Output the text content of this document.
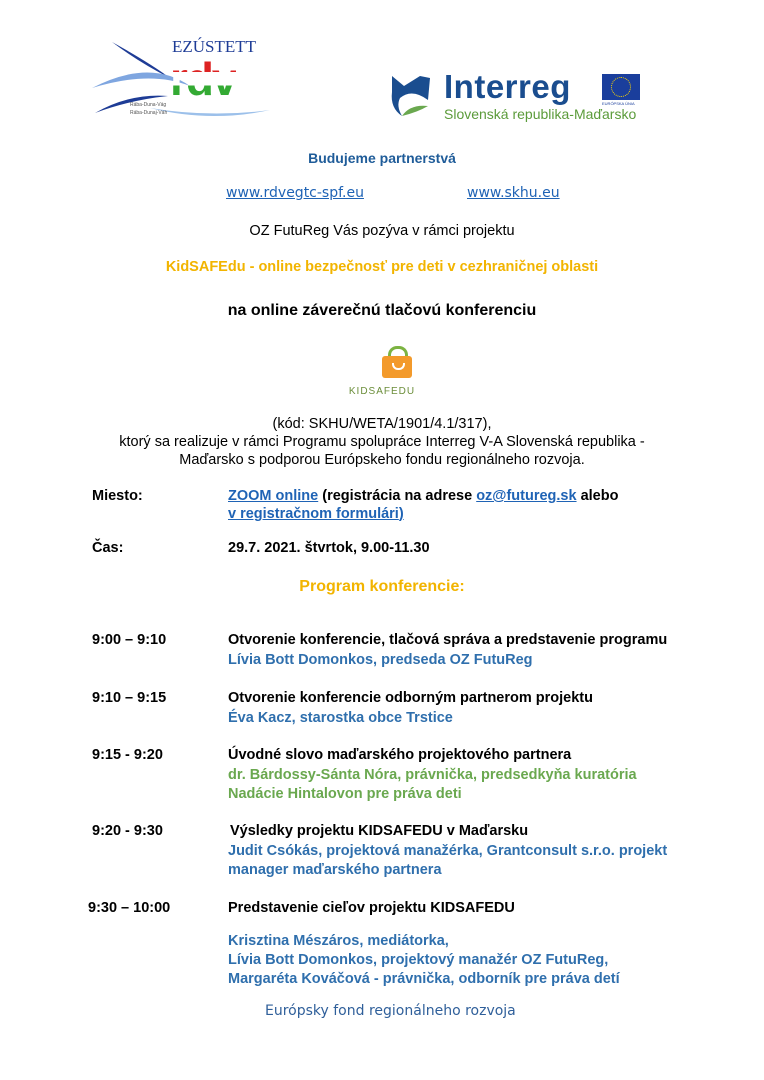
EZÚSTETT
rdv
Rába-Duna-Vág
Rába-Dunaj-Váh
Interreg
Slovenská republika-Maďarsko
EURÓPSKA ÚNIA
Budujeme partnerstvá
www.rdvegtc-spf.eu	www.skhu.eu
OZ FutuReg Vás pozýva v rámci projektu
KidSAFEdu - online bezpečnosť pre deti v cezhraničnej oblasti
na online záverečnú tlačovú konferenciu
KIDSAFEDU
(kód: SKHU/WETA/1901/4.1/317),
ktorý sa realizuje v rámci Programu spolupráce Interreg V-A Slovenská republika -
Maďarsko s podporou Európskeho fondu regionálneho rozvoja.
Miesto:	ZOOM online (registrácia na adrese oz@futureg.sk alebo
v registračnom formulári)
Čas:	29.7. 2021. štvrtok, 9.00-11.30
Program konferencie:
9:00 – 9:10	Otvorenie konferencie, tlačová správa a predstavenie programu
Lívia Bott Domonkos, predseda OZ FutuReg
9:10 – 9:15	Otvorenie konferencie odborným partnerom projektu
Éva Kacz, starostka obce Trstice
9:15 - 9:20	Úvodné slovo maďarského projektového partnera
dr. Bárdossy-Sánta Nóra, právnička, predsedkyňa kuratória
Nadácie Hintalovon pre práva deti
9:20 - 9:30	Výsledky projektu KIDSAFEDU v Maďarsku
Judit Csókás, projektová manažérka, Grantconsult s.r.o. projekt
manager maďarského partnera
9:30 – 10:00	Predstavenie cieľov projektu KIDSAFEDU
Krisztina Mészáros, mediátorka,
Lívia Bott Domonkos, projektový manažér OZ FutuReg,
Margaréta Kováčová - právnička, odborník pre práva detí
Európsky fond regionálneho rozvoja
